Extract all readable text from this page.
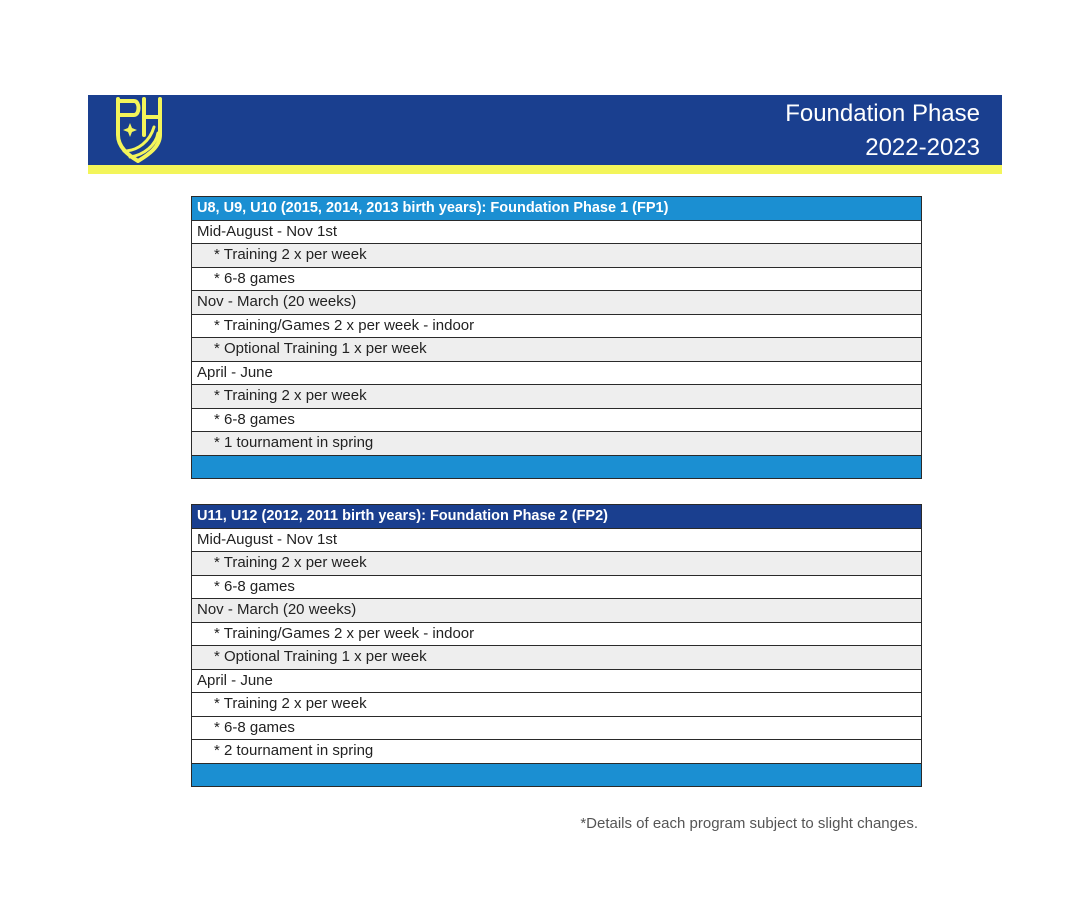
Foundation Phase
2022-2023
U8, U9, U10 (2015, 2014, 2013 birth years): Foundation Phase 1 (FP1)
Mid-August - Nov 1st
* Training 2 x per week
* 6-8 games
Nov - March (20 weeks)
* Training/Games 2 x per week - indoor
* Optional Training 1 x per week
April - June
* Training 2 x per week
* 6-8 games
* 1 tournament in spring

U11, U12 (2012, 2011 birth years): Foundation Phase 2 (FP2)
Mid-August - Nov 1st
* Training 2 x per week
* 6-8 games
Nov - March (20 weeks)
* Training/Games 2 x per week - indoor
* Optional Training 1 x per week
April - June
* Training 2 x per week
* 6-8 games
* 2 tournament in spring

*Details of each program subject to slight changes.
